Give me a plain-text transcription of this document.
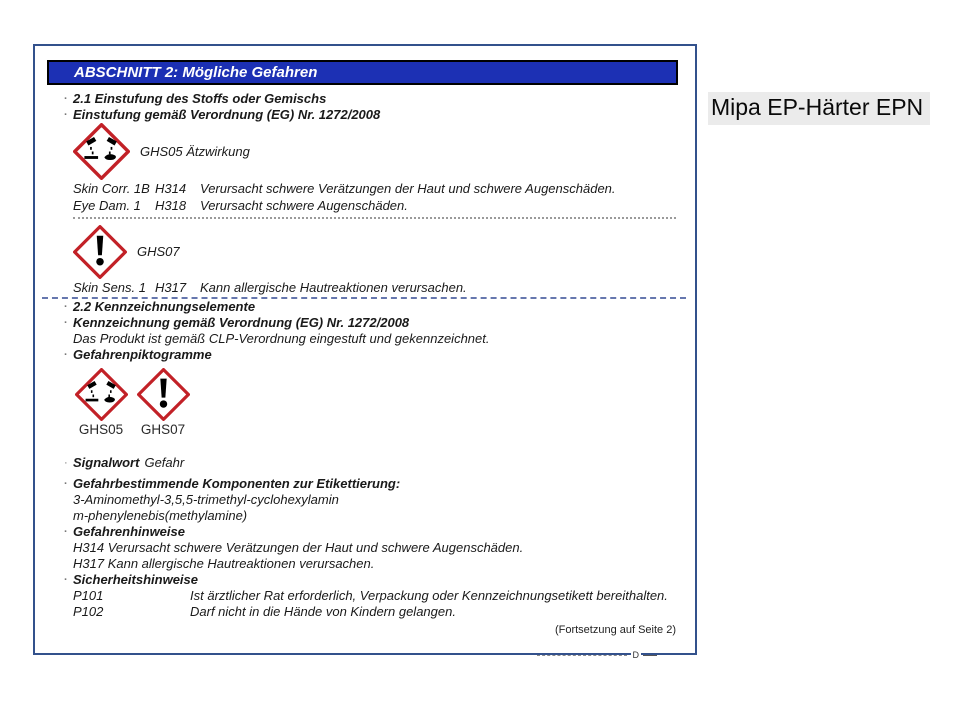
ABSCHNITT 2: Mögliche Gefahren

· 2.1 Einstufung des Stoffs oder Gemischs

· Einstufung gemäß Verordnung (EG) Nr. 1272/2008

GHS05 Ätzwirkung
Skin Corr. 1B H314	Verursacht schwere Verätzungen der Haut und schwere Augenschäden.
Eye Dam. 1	H318	Verursacht schwere Augenschäden.
GHS07
Skin Sens. 1 H317	Kann allergische Hautreaktionen verursachen.

· 2.2 Kennzeichnungselemente

· Kennzeichnung gemäß Verordnung (EG) Nr. 1272/2008

Das Produkt ist gemäß CLP-Verordnung eingestuft und gekennzeichnet.

· Gefahrenpiktogramme

GHS05 GHS07

· Signalwort Gefahr

· Gefahrbestimmende Komponenten zur Etikettierung:

3-Aminomethyl-3,5,5-trimethyl-cyclohexylamin

m-phenylenebis(methylamine)

· Gefahrenhinweise

H314 Verursacht schwere Verätzungen der Haut und schwere Augenschäden.

H317 Kann allergische Hautreaktionen verursachen.

· Sicherheitshinweise

P101	Ist ärztlicher Rat erforderlich, Verpackung oder Kennzeichnungsetikett bereithalten.
P102	Darf nicht in die Hände von Kindern gelangen.

(Fortsetzung auf Seite 2)

D
Mipa EP-Härter EPN
